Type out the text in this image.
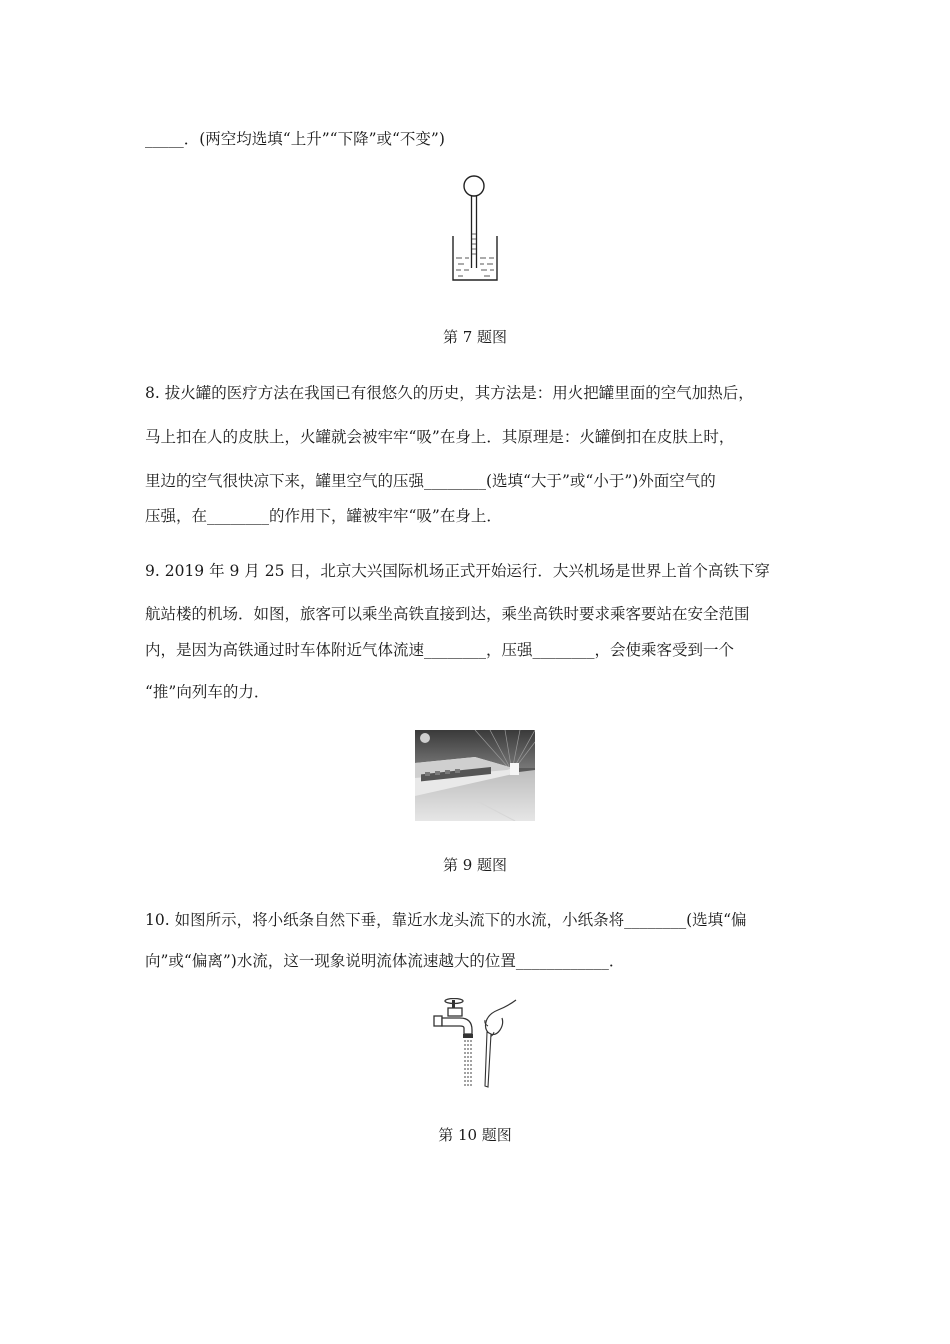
_____．(两空均选填“上升”“下降”或“不变”)
第 7 题图
8. 拔火罐的医疗方法在我国已有很悠久的历史，其方法是：用火把罐里面的空气加热后，
马上扣在人的皮肤上，火罐就会被牢牢“吸”在身上．其原理是：火罐倒扣在皮肤上时，
里边的空气很快凉下来，罐里空气的压强________(选填“大于”或“小于”)外面空气的
压强，在________的作用下，罐被牢牢“吸”在身上．
9. 2019 年 9 月 25 日，北京大兴国际机场正式开始运行．大兴机场是世界上首个高铁下穿
航站楼的机场．如图，旅客可以乘坐高铁直接到达，乘坐高铁时要求乘客要站在安全范围
内，是因为高铁通过时车体附近气体流速________，压强________，会使乘客受到一个
“推”向列车的力．
第 9 题图
10. 如图所示，将小纸条自然下垂，靠近水龙头流下的水流，小纸条将________(选填“偏
向”或“偏离”)水流，这一现象说明流体流速越大的位置____________．
第 10 题图
